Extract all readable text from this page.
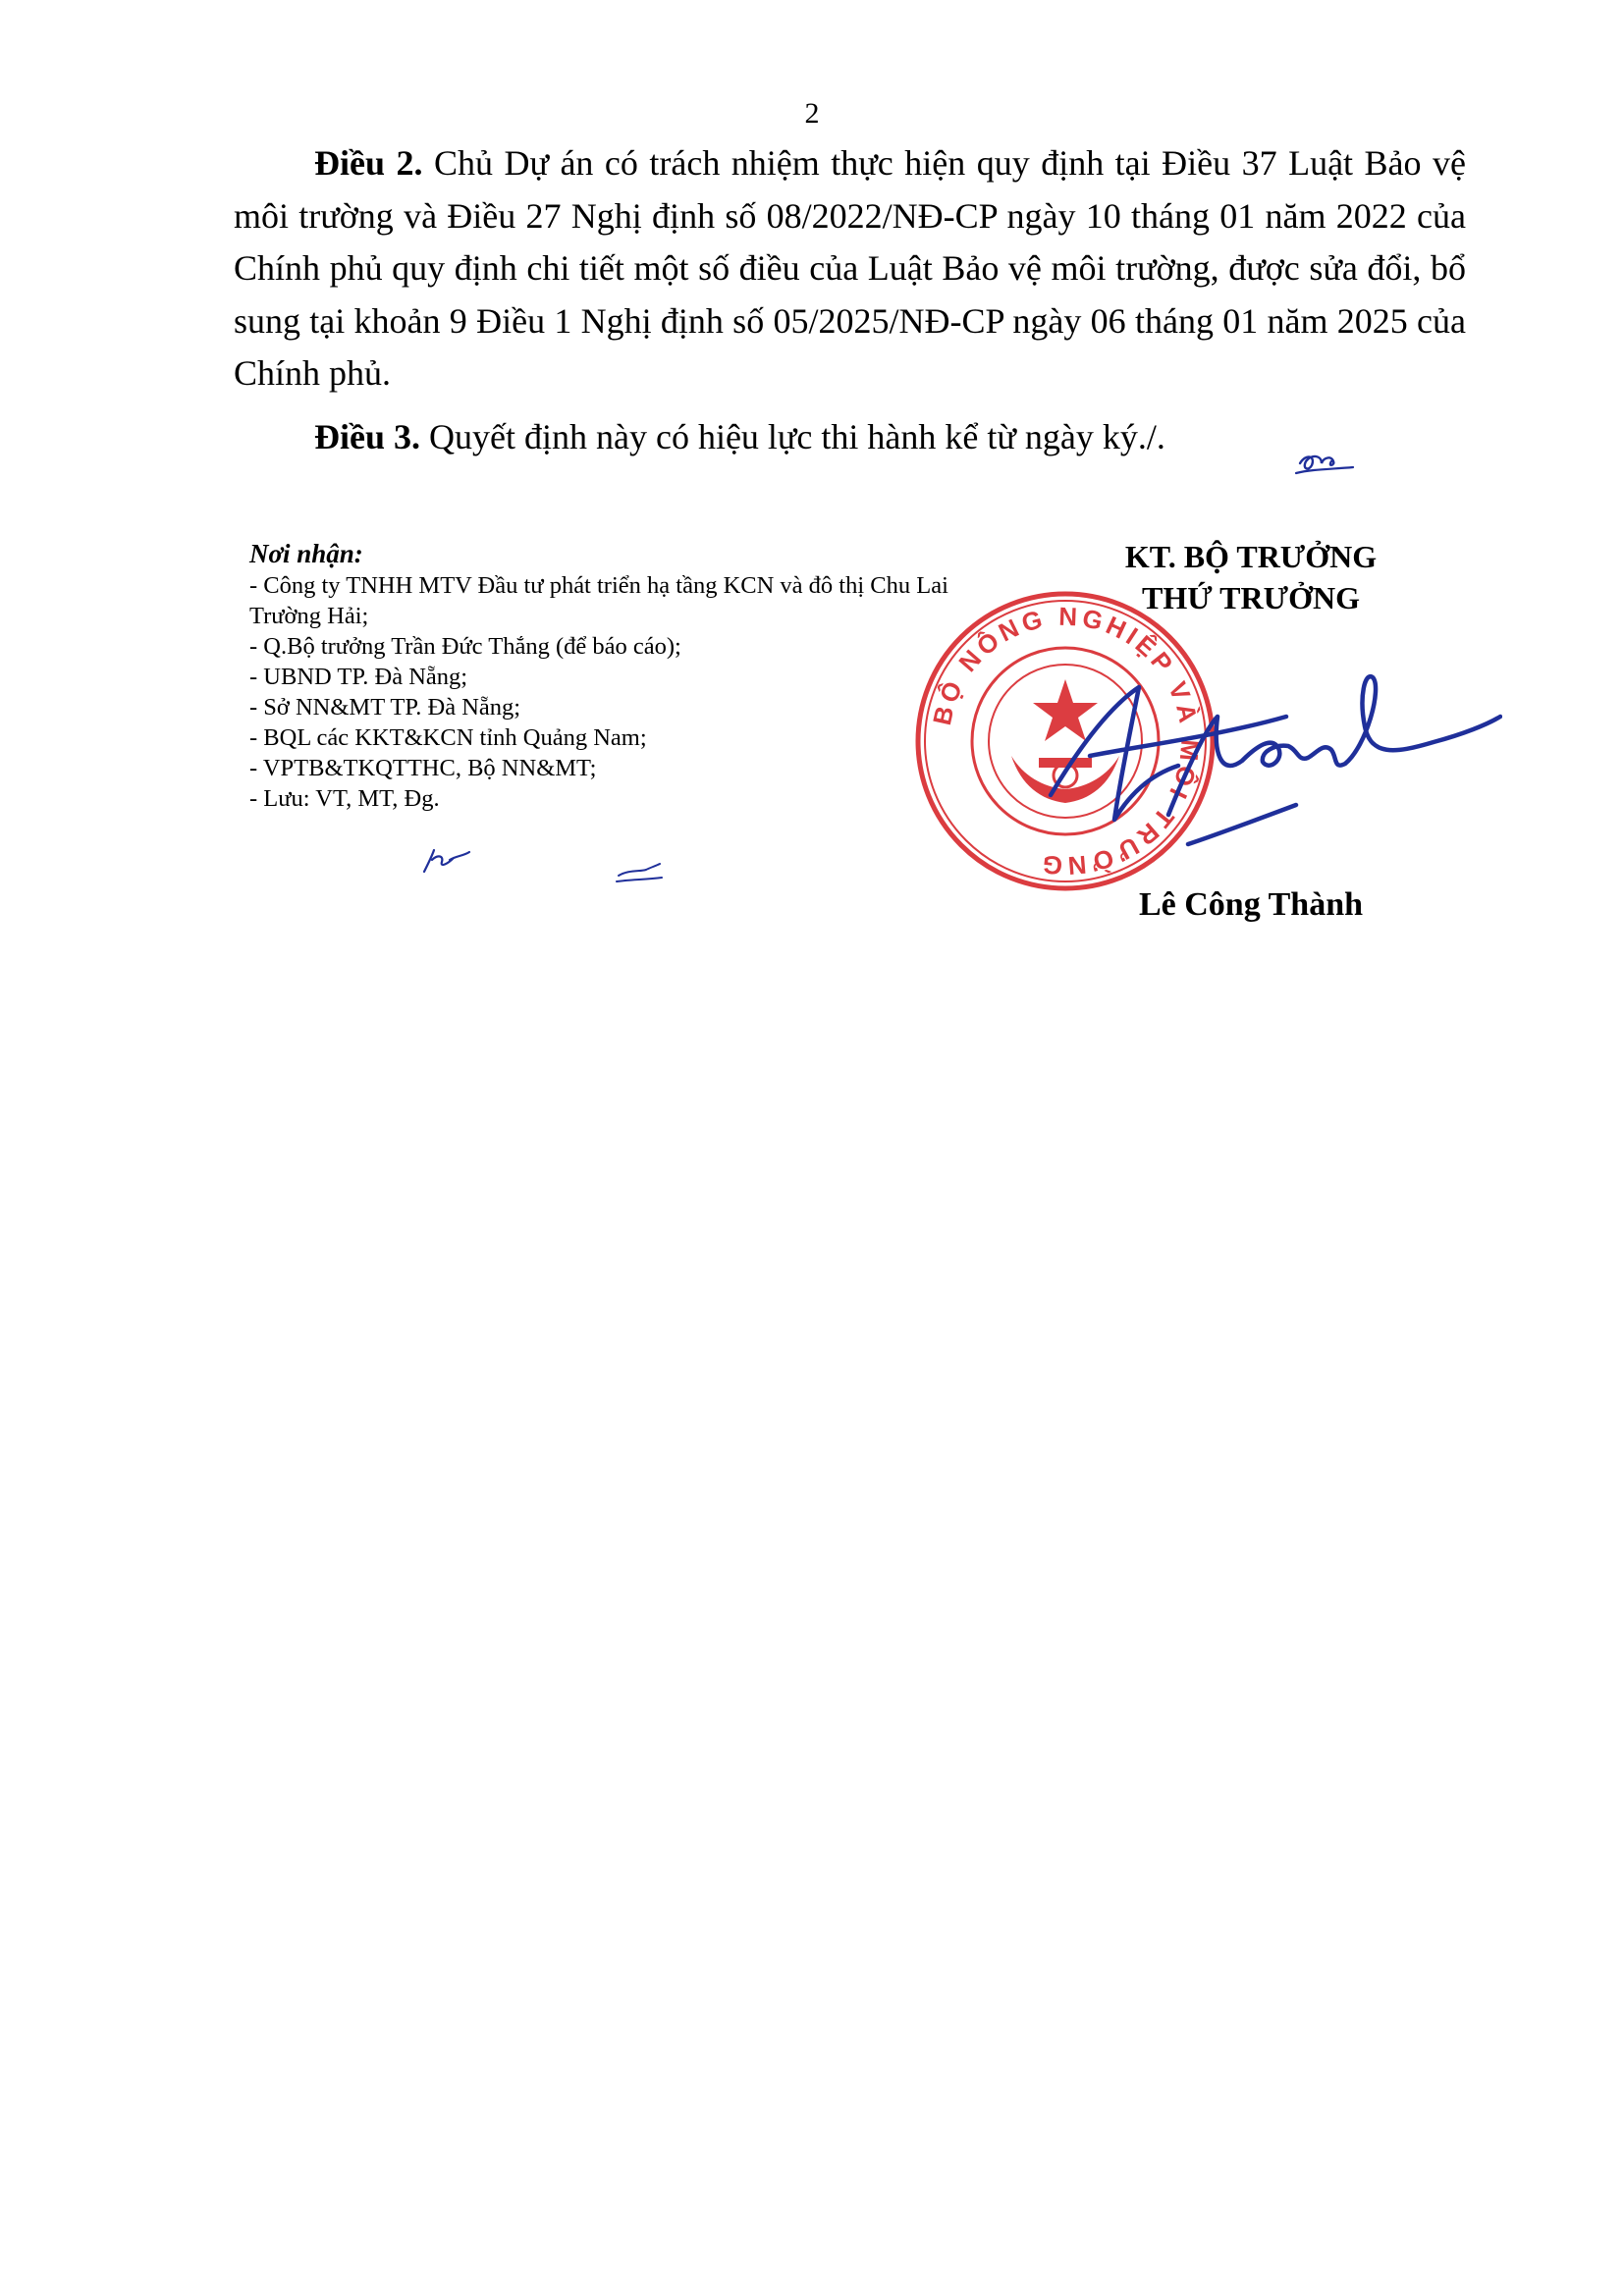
2

Điều 2. Chủ Dự án có trách nhiệm thực hiện quy định tại Điều 37 Luật Bảo vệ môi trường và Điều 27 Nghị định số 08/2022/NĐ-CP ngày 10 tháng 01 năm 2022 của Chính phủ quy định chi tiết một số điều của Luật Bảo vệ môi trường, được sửa đổi, bổ sung tại khoản 9 Điều 1 Nghị định số 05/2025/NĐ-CP ngày 06 tháng 01 năm 2025 của Chính phủ.

Điều 3. Quyết định này có hiệu lực thi hành kể từ ngày ký./.

Nơi nhận:
- Công ty TNHH MTV Đầu tư phát triển hạ tầng KCN và đô thị Chu Lai Trường Hải;
- Q.Bộ trưởng Trần Đức Thắng (để báo cáo);
- UBND TP. Đà Nẵng;
- Sở NN&MT TP. Đà Nẵng;
- BQL các KKT&KCN tỉnh Quảng Nam;
- VPTB&TKQTTHC, Bộ NN&MT;
- Lưu: VT, MT, Đg.
KT. BỘ TRƯỞNG
THỨ TRƯỞNG
BỘ NÔNG NGHIỆP VÀ MÔI TRƯỜNG
Lê Công Thành
